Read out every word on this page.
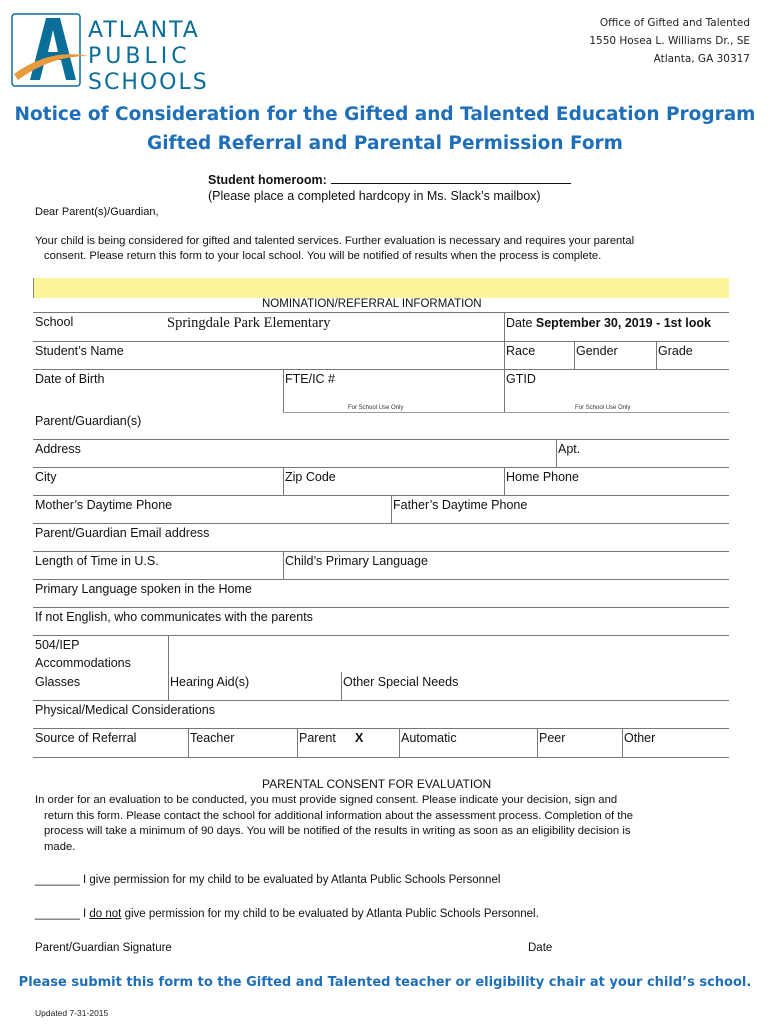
ATLANTA
PUBLIC
SCHOOLS
Office of Gifted and Talented
1550 Hosea L. Williams Dr., SE
Atlanta, GA 30317
Notice of Consideration for the Gifted and Talented Education Program
Gifted Referral and Parental Permission Form
Student homeroom:
(Please place a completed hardcopy in Ms. Slack’s mailbox)
Dear Parent(s)/Guardian,
Your child is being considered for gifted and talented services. Further evaluation is necessary and requires your parental
consent. Please return this form to your local school. You will be notified of results when the process is complete.
NOMINATION/REFERRAL INFORMATION
School	Springdale Park Elementary	Date September 30, 2019 - 1st look
Student’s Name	Race	Gender	Grade
Date of Birth	FTE/IC #	GTID
For School Use Only	For School Use Only
Parent/Guardian(s)
Address	Apt.
City	Zip Code	Home Phone
Mother’s Daytime Phone	Father’s Daytime Phone
Parent/Guardian Email address
Length of Time in U.S.	Child’s Primary Language
Primary Language spoken in the Home
If not English, who communicates with the parents
504/IEP
Accommodations
Glasses	Hearing Aid(s)	Other Special Needs
Physical/Medical Considerations
Source of Referral	Teacher	Parent X	Automatic	Peer	Other
PARENTAL CONSENT FOR EVALUATION
In order for an evaluation to be conducted, you must provide signed consent. Please indicate your decision, sign and
return this form. Please contact the school for additional information about the assessment process. Completion of the
process will take a minimum of 90 days. You will be notified of the results in writing as soon as an eligibility decision is
made.
_______ I give permission for my child to be evaluated by Atlanta Public Schools Personnel
_______ I do not give permission for my child to be evaluated by Atlanta Public Schools Personnel.
Parent/Guardian Signature	Date
Please submit this form to the Gifted and Talented teacher or eligibility chair at your child’s school.
Updated 7-31-2015
